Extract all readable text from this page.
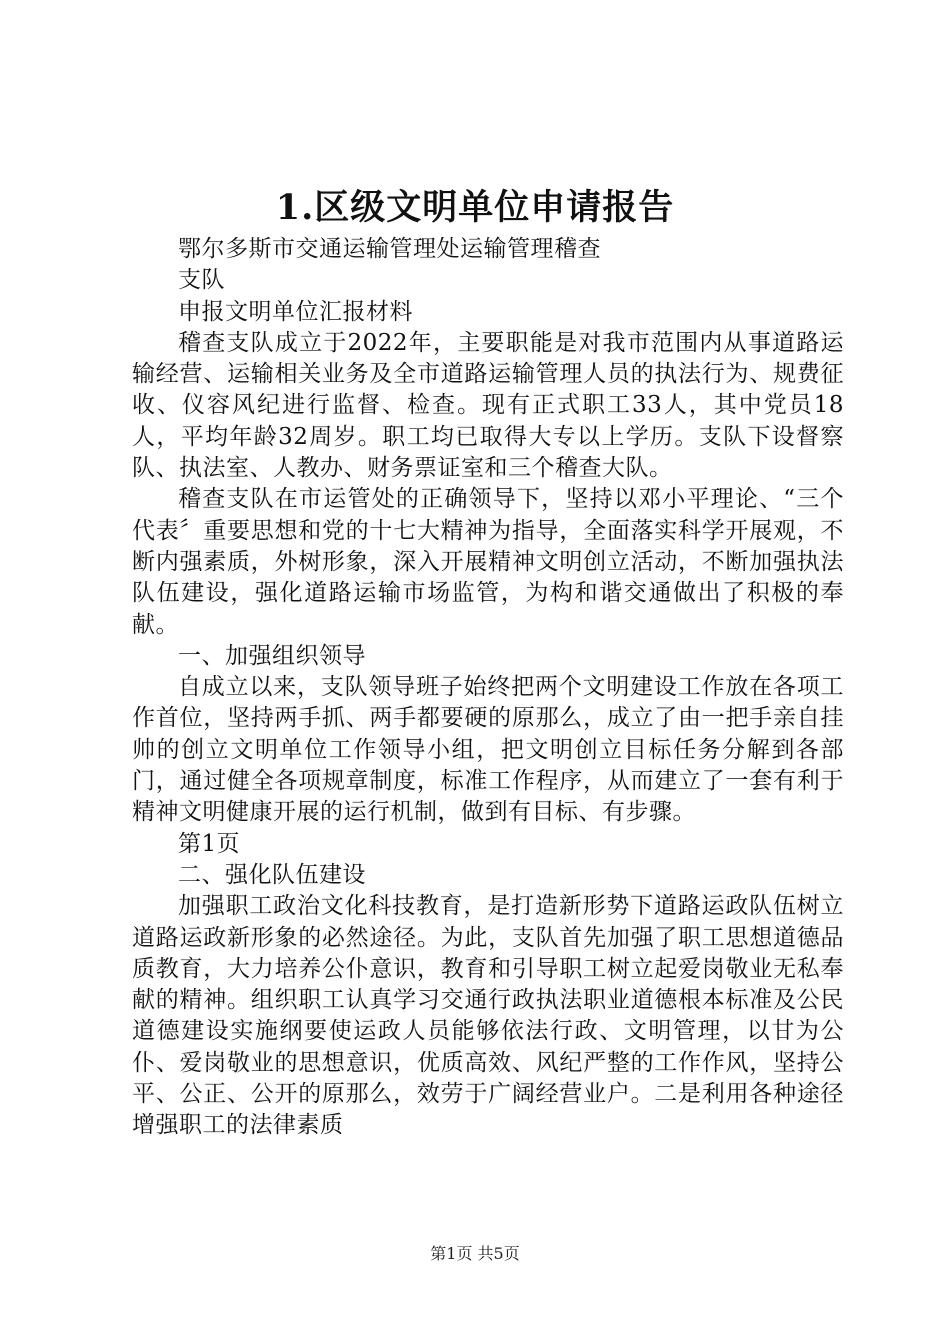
1.区级文明单位申请报告

鄂尔多斯市交通运输管理处运输管理稽查

支队

申报文明单位汇报材料

稽查支队成立于2022年，主要职能是对我市范围内从事道路运输经营、运输相关业务及全市道路运输管理人员的执法行为、规费征收、仪容风纪进行监督、检查。现有正式职工33人，其中党员18人，平均年龄32周岁。职工均已取得大专以上学历。支队下设督察队、执法室、人教办、财务票证室和三个稽查大队。

稽查支队在市运管处的正确领导下，坚持以邓小平理论、“三个代表〞重要思想和党的十七大精神为指导，全面落实科学开展观，不断内强素质，外树形象，深入开展精神文明创立活动，不断加强执法队伍建设，强化道路运输市场监管，为构和谐交通做出了积极的奉献。

一、加强组织领导

自成立以来，支队领导班子始终把两个文明建设工作放在各项工作首位，坚持两手抓、两手都要硬的原那么，成立了由一把手亲自挂帅的创立文明单位工作领导小组，把文明创立目标任务分解到各部门，通过健全各项规章制度，标准工作程序，从而建立了一套有利于精神文明健康开展的运行机制，做到有目标、有步骤。

第1页

二、强化队伍建设

加强职工政治文化科技教育，是打造新形势下道路运政队伍树立道路运政新形象的必然途径。为此，支队首先加强了职工思想道德品质教育，大力培养公仆意识，教育和引导职工树立起爱岗敬业无私奉献的精神。组织职工认真学习交通行政执法职业道德根本标准及公民道德建设实施纲要使运政人员能够依法行政、文明管理，以甘为公仆、爱岗敬业的思想意识，优质高效、风纪严整的工作作风，坚持公平、公正、公开的原那么，效劳于广阔经营业户。二是利用各种途径增强职工的法律素质

第1页 共5页
